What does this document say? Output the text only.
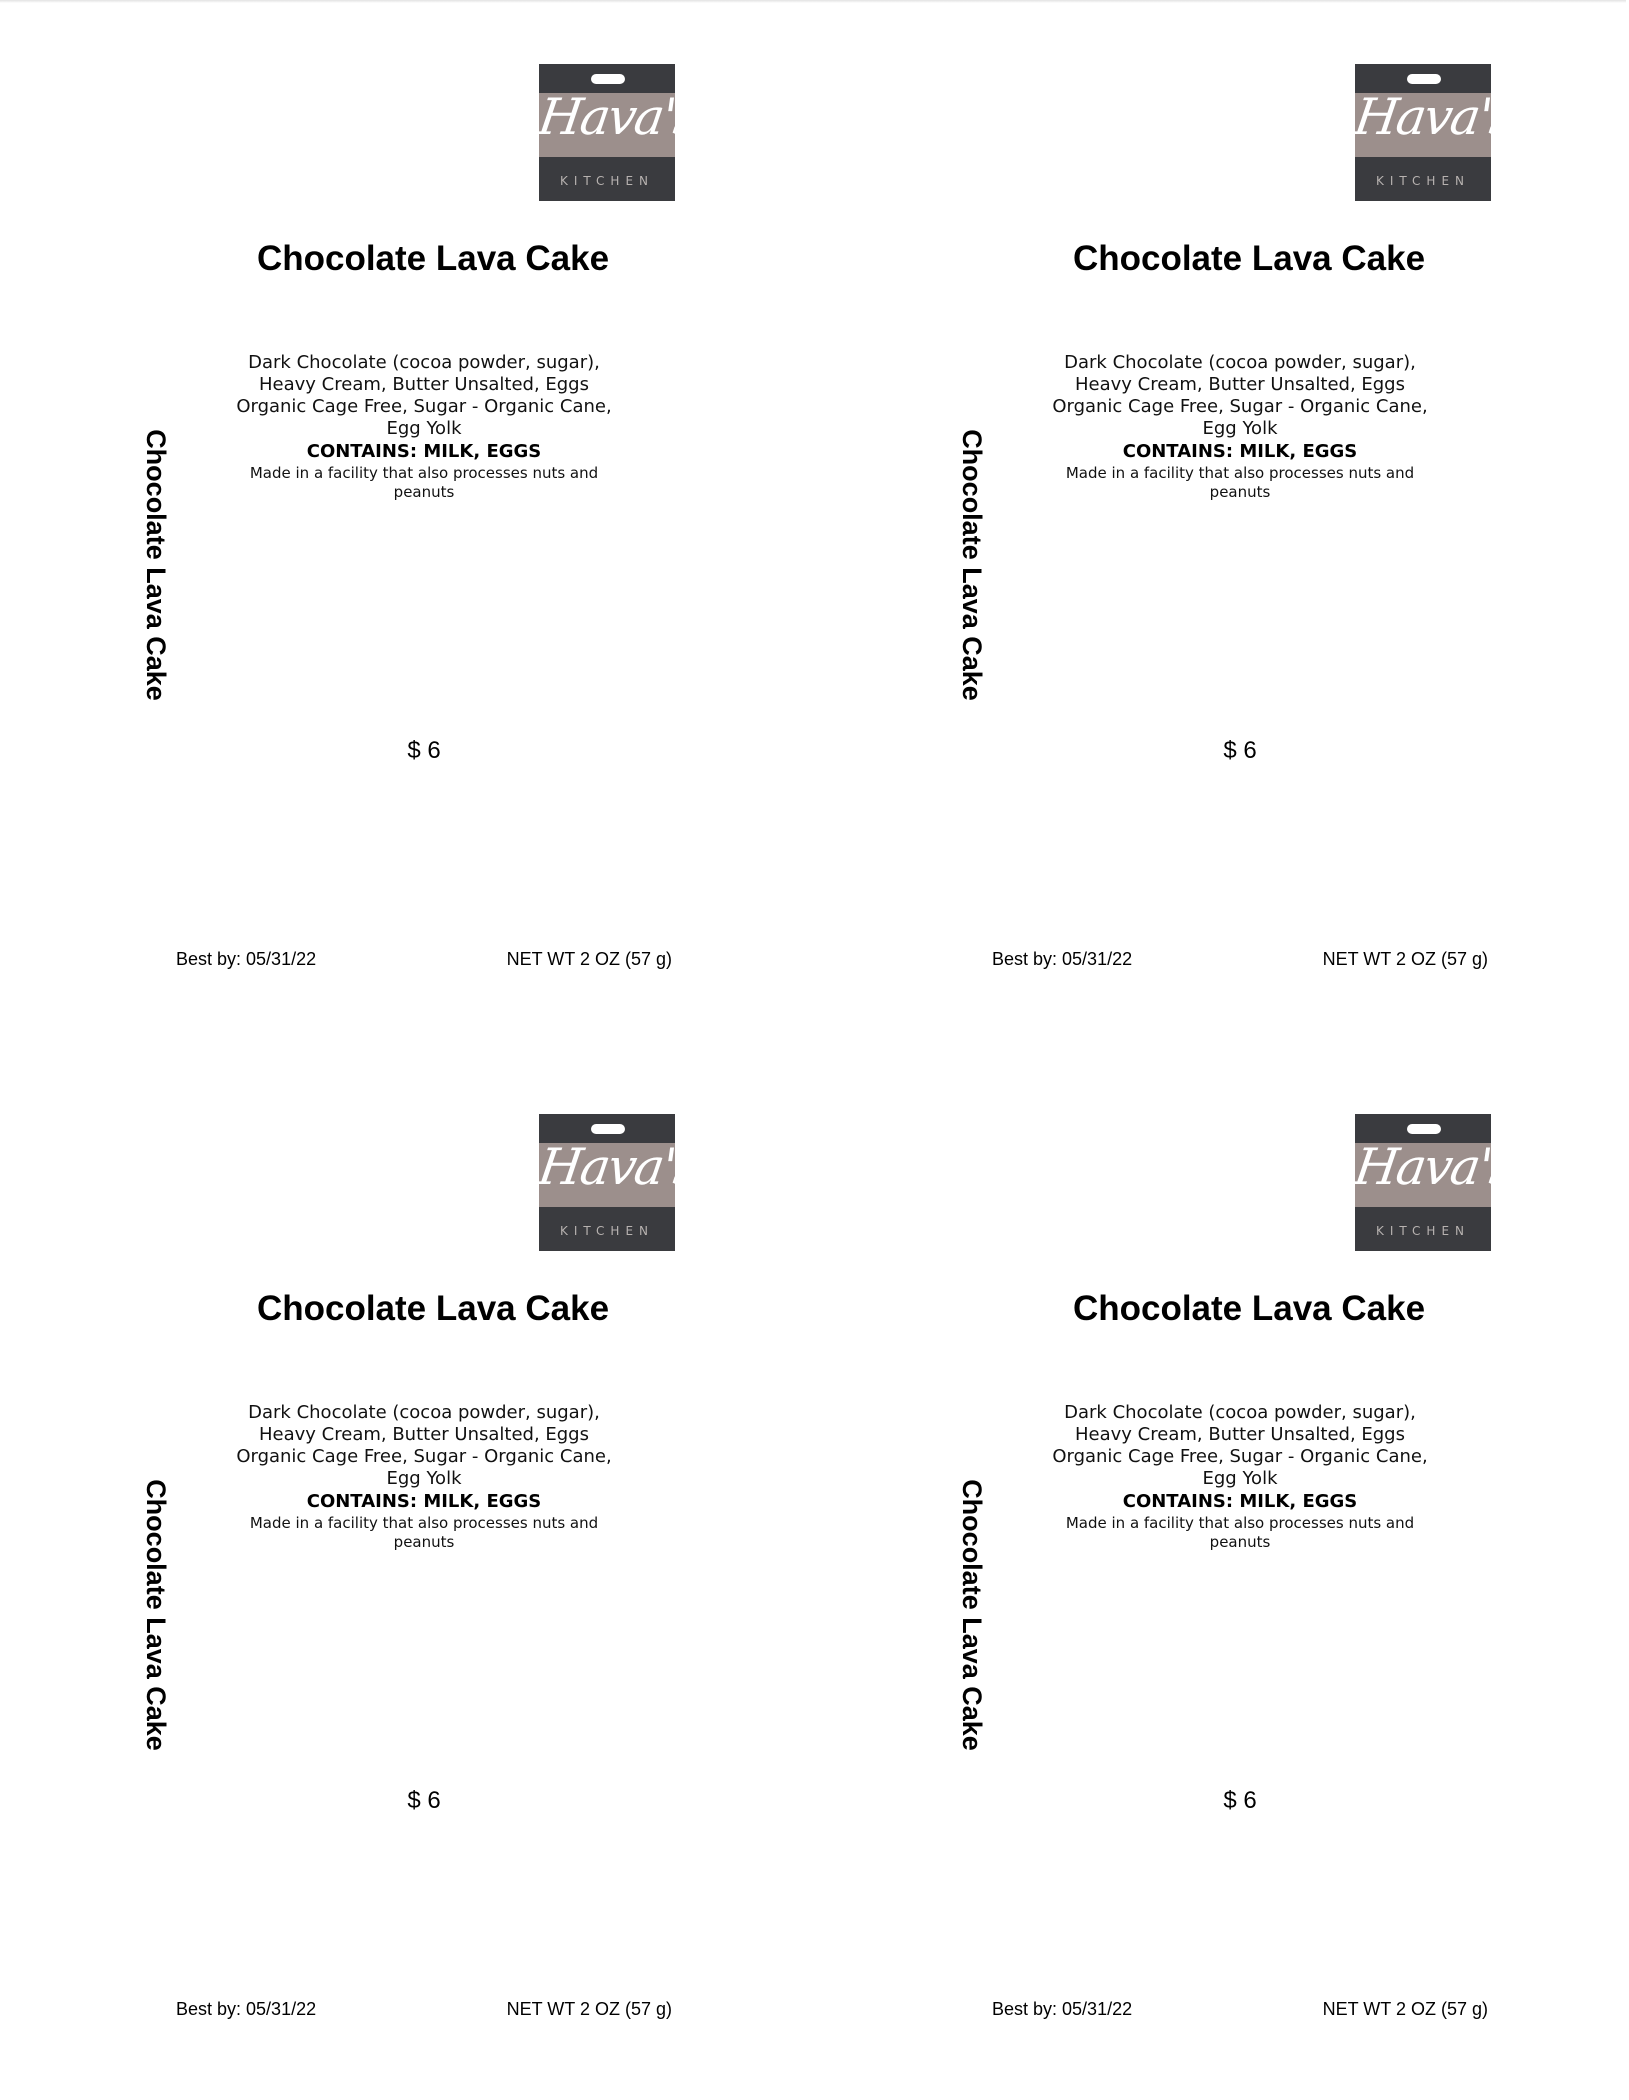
Hava's
KITCHEN
Chocolate Lava Cake
Dark Chocolate (cocoa powder, sugar), Heavy Cream, Butter Unsalted, Eggs Organic Cage Free, Sugar - Organic Cane, Egg Yolk
CONTAINS: MILK, EGGS
Made in a facility that also processes nuts and peanuts
Chocolate Lava Cake
$ 6
Best by: 05/31/22	NET WT 2 OZ (57 g)
Hava's
KITCHEN
Chocolate Lava Cake
Dark Chocolate (cocoa powder, sugar), Heavy Cream, Butter Unsalted, Eggs Organic Cage Free, Sugar - Organic Cane, Egg Yolk
CONTAINS: MILK, EGGS
Made in a facility that also processes nuts and peanuts
Chocolate Lava Cake
$ 6
Best by: 05/31/22	NET WT 2 OZ (57 g)
Hava's
KITCHEN
Chocolate Lava Cake
Dark Chocolate (cocoa powder, sugar), Heavy Cream, Butter Unsalted, Eggs Organic Cage Free, Sugar - Organic Cane, Egg Yolk
CONTAINS: MILK, EGGS
Made in a facility that also processes nuts and peanuts
Chocolate Lava Cake
$ 6
Best by: 05/31/22	NET WT 2 OZ (57 g)
Hava's
KITCHEN
Chocolate Lava Cake
Dark Chocolate (cocoa powder, sugar), Heavy Cream, Butter Unsalted, Eggs Organic Cage Free, Sugar - Organic Cane, Egg Yolk
CONTAINS: MILK, EGGS
Made in a facility that also processes nuts and peanuts
Chocolate Lava Cake
$ 6
Best by: 05/31/22	NET WT 2 OZ (57 g)
